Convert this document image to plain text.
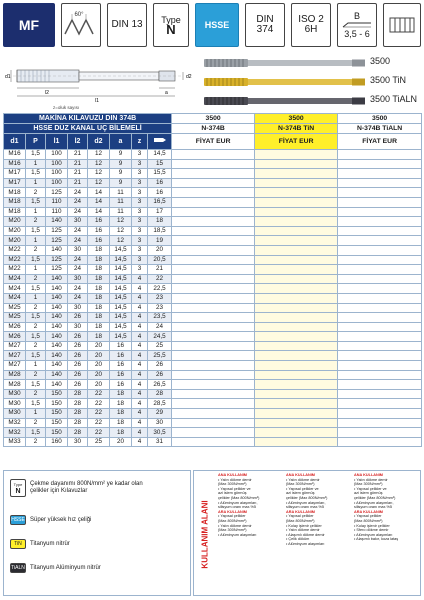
MF
60°
DIN 13	Type
N	HSSE	DIN
374
ISO 2
6H
B
3,5 - 6
d1
l2
l1
a
d2
z=oluk sayısı
3500
3500 TiN
3500 TiALN
MAKİNA KILAVUZU DIN 374B								3500	3500	3500
HSSE DÜZ KANAL UÇ BİLEMELİ								N-374B	N-374B TiN	N-374B TiALN
d1	P	l1	l2	d2	a	z		FİYAT EUR	FİYAT EUR	FİYAT EUR
M16	1,5	100	21	12	9	3	14,5			
M16	1	100	21	12	9	3	15			
M17	1,5	100	21	12	9	3	15,5			
M17	1	100	21	12	9	3	16			
M18	2	125	24	14	11	3	16			
M18	1,5	110	24	14	11	3	16,5			
M18	1	110	24	14	11	3	17			
M20	2	140	30	16	12	3	18			
M20	1,5	125	24	16	12	3	18,5			
M20	1	125	24	16	12	3	19			
M22	2	140	30	18	14,5	3	20			
M22	1,5	125	24	18	14,5	3	20,5			
M22	1	125	24	18	14,5	3	21			
M24	2	140	30	18	14,5	4	22			
M24	1,5	140	24	18	14,5	4	22,5			
M24	1	140	24	18	14,5	4	23			
M25	2	140	30	18	14,5	4	23			
M25	1,5	140	26	18	14,5	4	23,5			
M26	2	140	30	18	14,5	4	24			
M26	1,5	140	26	18	14,5	4	24,5			
M27	2	140	26	20	16	4	25			
M27	1,5	140	26	20	16	4	25,5			
M27	1	140	26	20	16	4	26			
M28	2	140	26	20	16	4	26			
M28	1,5	140	26	20	16	4	26,5			
M30	2	150	28	22	18	4	28			
M30	1,5	150	28	22	18	4	28,5			
M30	1	150	28	22	18	4	29			
M32	2	150	28	22	18	4	30			
M32	1,5	150	28	22	18	4	30,5			
M33	2	160	30	25	20	4	31			
Type
N
Çekme dayanımı 800N/mm² ye kadar olan çelikler için Kılavuzlar
HSSE Süper yüksek hız çeliği
TiN	Titanyum nitrür
TiALN Titanyum Alüminyum nitrür	KULLANIM ALANI
ANA KULLANIM
• Yalın dökme demir
(Max 300N/mm²)
• Yapısal çelikler ve
azi islem görmüş
çelikler (Max 800N/mm²)
• Alüminyum alaşımları,
silisyum oranı max.%5
ARA KULLANIM
• Yapısal çelikler
(Max 800N/mm²)
• Yalın dökme demir
(Max 300N/mm²)
• Alüminyum alaşımları
ANA KULLANIM
• Yalın dökme demir
(Max 300N/mm²)
• Yapısal çelikler ve
azi islem görmüş
çelikler (Max 800N/mm²)
• Alüminyum alaşımları,
silisyum oranı max.%5
ARA KULLANIM
• Yapısal çelikler
(Max 800N/mm²)
• Kolay işlenir çelikler
• Yalın dökme demir
• Alaşımlı dökme demir
• Çelik döküm
• Alüminyum alaşımları
ANA KULLANIM
• Yalın dökme demir
(Max 300N/mm²)
• Yapısal çelikler ve
azi islem görmüş
çelikler (Max 800N/mm²)
• Alüminyum alaşımları,
silisyum oranı max.%5
ARA KULLANIM
• Yapısal çelikler
(Max 800N/mm²)
• Kolay işlenir çelikler
• Sfero dökme demir
• Alüminyum alaşımları
• Alaşımlı bakır, koza lataş
